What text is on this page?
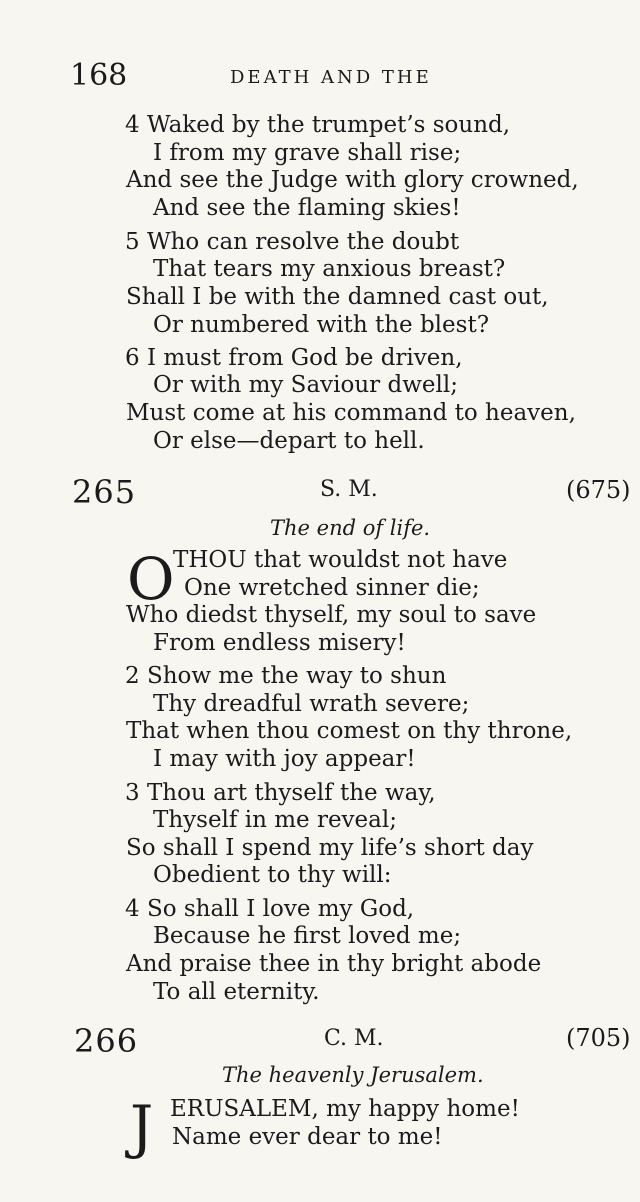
168	DEATH AND THE
4 Waked by the trumpet’s sound,
I from my grave shall rise;
And see the Judge with glory crowned,
And see the flaming skies!
5 Who can resolve the doubt
That tears my anxious breast?
Shall I be with the damned cast out,
Or numbered with the blest?
6 I must from God be driven,
Or with my Saviour dwell;
Must come at his command to heaven,
Or else—depart to hell.
265	S. M.	(675)
The end of life.
O
THOU that wouldst not have
One wretched sinner die;
Who diedst thyself, my soul to save
From endless misery!
2 Show me the way to shun
Thy dreadful wrath severe;
That when thou comest on thy throne,
I may with joy appear!
3 Thou art thyself the way,
Thyself in me reveal;
So shall I spend my life’s short day
Obedient to thy will:
4 So shall I love my God,
Because he first loved me;
And praise thee in thy bright abode
To all eternity.
266	C. M.	(705)
The heavenly Jerusalem.
J ERUSALEM, my happy home!
Name ever dear to me!
